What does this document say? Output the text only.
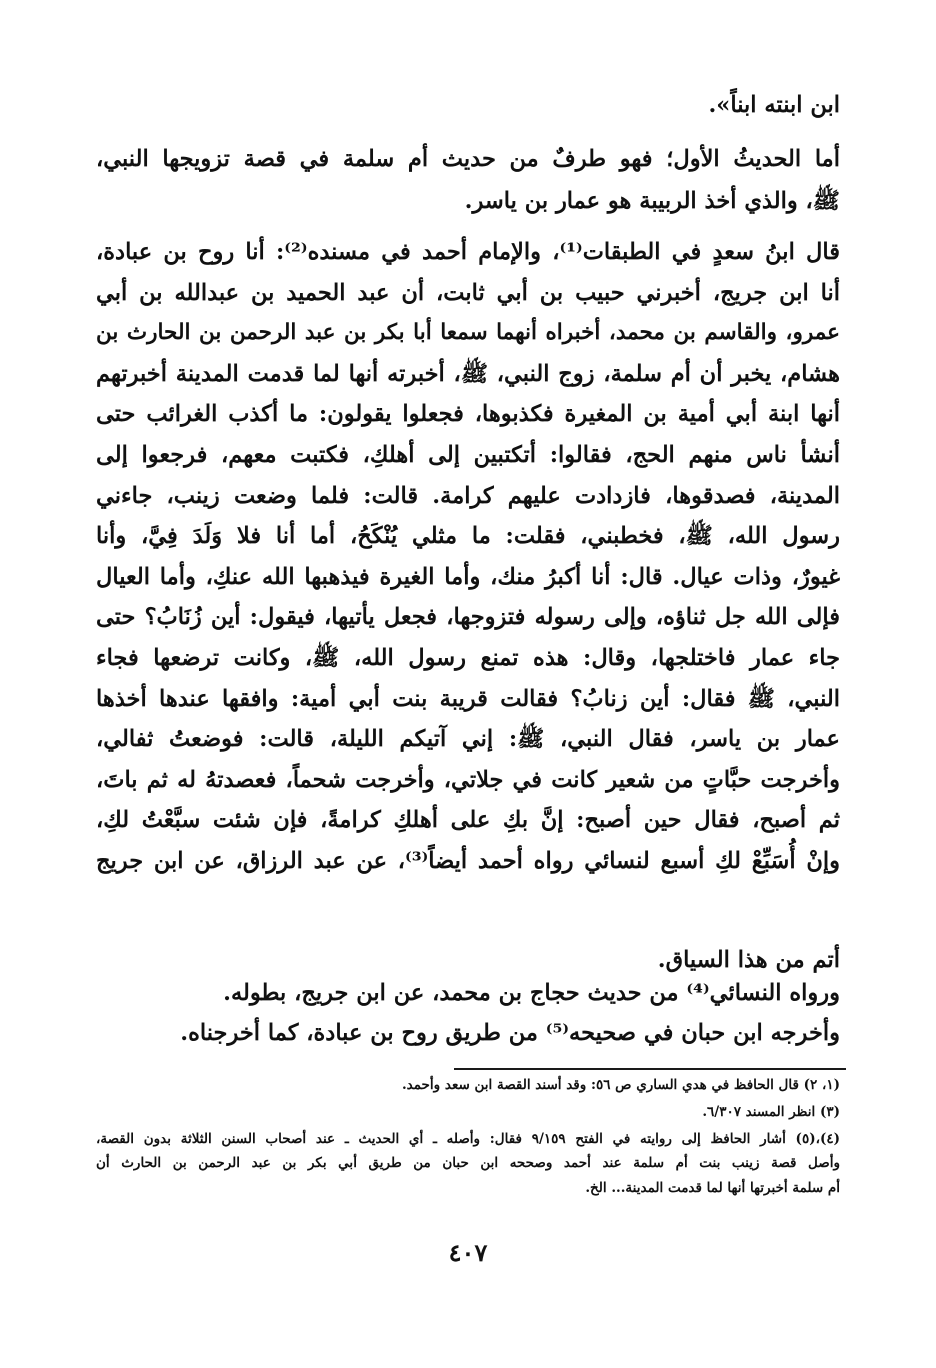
ابن ابنته ابناً».
أما الحديثُ الأول؛ فهو طرفٌ من حديث أم سلمة في قصة تزويجها النبي،
ﷺ، والذي أخذ الربيبة هو عمار بن ياسر.
قال ابنُ سعدٍ في الطبقات⁽¹⁾، والإمام أحمد في مسنده⁽²⁾: أنا روح بن عبادة،
أنا ابن جريج، أخبرني حبيب بن أبي ثابت، أن عبد الحميد بن عبدالله بن أبي
عمرو، والقاسم بن محمد، أخبراه أنهما سمعا أبا بكر بن عبد الرحمن بن الحارث بن
هشام، يخبر أن أم سلمة، زوج النبي، ﷺ، أخبرته أنها لما قدمت المدينة أخبرتهم
أنها ابنة أبي أمية بن المغيرة فكذبوها، فجعلوا يقولون: ما أكذب الغرائب حتى
أنشأ ناس منهم الحج، فقالوا: أتكتبين إلى أهلكِ، فكتبت معهم، فرجعوا إلى
المدينة، فصدقوها، فازدادت عليهم كرامة. قالت: فلما وضعت زينب، جاءني
رسول الله، ﷺ، فخطبني، فقلت: ما مثلي يُنْكَحُ، أما أنا فلا وَلَدَ فِيَّ، وأنا
غيورٌ، وذات عيال. قال: أنا أكبرُ منك، وأما الغيرة فيذهبها الله عنكِ، وأما العيال
فإلى الله جل ثناؤه، وإلى رسوله فتزوجها، فجعل يأتيها، فيقول: أين زُنَابُ؟ حتى
جاء عمار فاختلجها، وقال: هذه تمنع رسول الله، ﷺ، وكانت ترضعها فجاء
النبي، ﷺ فقال: أين زنابُ؟ فقالت قريبة بنت أبي أمية: وافقها عندها أخذها
عمار بن ياسر، فقال النبي، ﷺ: إني آتيكم الليلة، قالت: فوضعتُ ثفالي،
وأخرجت حبَّاتٍ من شعير كانت في جلاتي، وأخرجت شحماً، فعصدتهُ له ثم باتَ،
ثم أصبح، فقال حين أصبح: إنَّ بكِ على أهلكِ كرامةً، فإن شئت سبَّعْتُ لكِ،
وإنْ أُسَبِّعْ لكِ أسبع لنسائي رواه أحمد أيضاً⁽³⁾، عن عبد الرزاق، عن ابن جريج
أتم من هذا السياق.
ورواه النسائي⁽⁴⁾ من حديث حجاج بن محمد، عن ابن جريج، بطوله.
وأخرجه ابن حبان في صحيحه⁽⁵⁾ من طريق روح بن عبادة، كما أخرجناه.
(١، ٢) قال الحافظ في هدي الساري ص ٥٦: وقد أسند القصة ابن سعد وأحمد.
(٣) انظر المسند ٦/٣٠٧.
(٤)،(٥) أشار الحافظ إلى روايته في الفتح ٩/١٥٩ فقال: وأصله ـ أي الحديث ـ عند أصحاب السنن الثلاثة بدون القصة،
وأصل قصة زينب بنت أم سلمة عند أحمد وصححه ابن حبان من طريق أبي بكر بن عبد الرحمن بن الحارث أن
أم سلمة أخبرتها أنها لما قدمت المدينة... الخ.
٤٠٧
